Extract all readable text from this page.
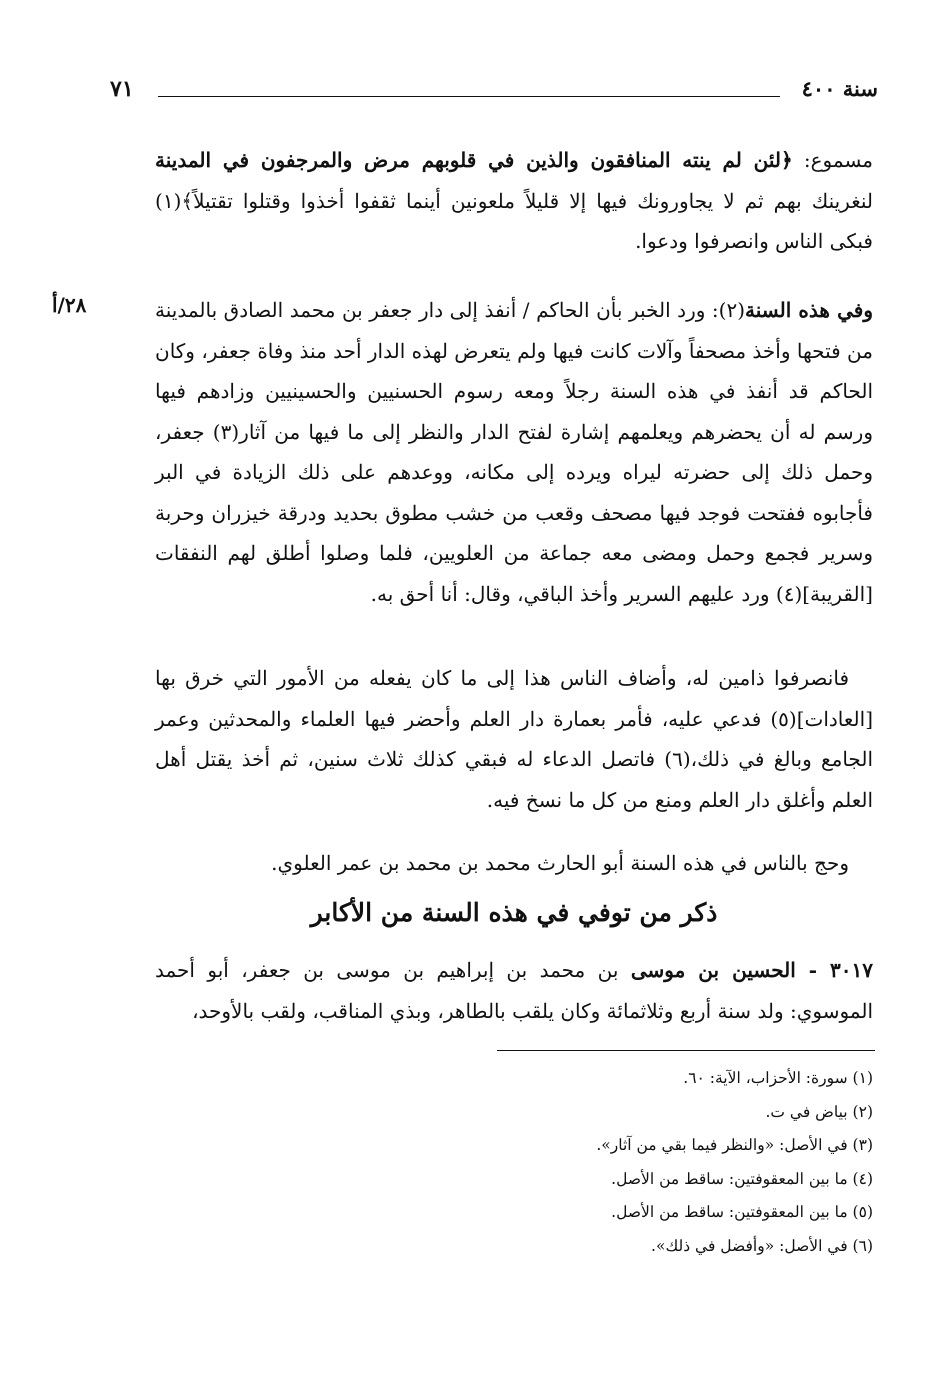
سنة ٤٠٠
٧١
٢٨/أ
مسموع: ﴿لئن لم ينته المنافقون والذين في قلوبهم مرض والمرجفون في المدينة لنغرينك بهم ثم لا يجاورونك فيها إلا قليلاً ملعونين أينما ثقفوا أخذوا وقتلوا تقتيلاً﴾(١) فبكى الناس وانصرفوا ودعوا.
وفي هذه السنة(٢): ورد الخبر بأن الحاكم / أنفذ إلى دار جعفر بن محمد الصادق بالمدينة من فتحها وأخذ مصحفاً وآلات كانت فيها ولم يتعرض لهذه الدار أحد منذ وفاة جعفر، وكان الحاكم قد أنفذ في هذه السنة رجلاً ومعه رسوم الحسنيين والحسينيين وزادهم فيها ورسم له أن يحضرهم ويعلمهم إشارة لفتح الدار والنظر إلى ما فيها من آثار(٣) جعفر، وحمل ذلك إلى حضرته ليراه ويرده إلى مكانه، ووعدهم على ذلك الزيادة في البر فأجابوه ففتحت فوجد فيها مصحف وقعب من خشب مطوق بحديد ودرقة خيزران وحربة وسرير فجمع وحمل ومضى معه جماعة من العلويين، فلما وصلوا أطلق لهم النفقات [القريبة](٤) ورد عليهم السرير وأخذ الباقي، وقال: أنا أحق به.
فانصرفوا ذامين له، وأضاف الناس هذا إلى ما كان يفعله من الأمور التي خرق بها [العادات](٥) فدعي عليه، فأمر بعمارة دار العلم وأحضر فيها العلماء والمحدثين وعمر الجامع وبالغ في ذلك،(٦) فاتصل الدعاء له فبقي كذلك ثلاث سنين، ثم أخذ يقتل أهل العلم وأغلق دار العلم ومنع من كل ما نسخ فيه.
وحج بالناس في هذه السنة أبو الحارث محمد بن محمد بن عمر العلوي.
ذكر من توفي في هذه السنة من الأكابر
٣٠١٧ - الحسين بن موسى بن محمد بن إبراهيم بن موسى بن جعفر، أبو أحمد الموسوي: ولد سنة أربع وثلاثمائة وكان يلقب بالطاهر، وبذي المناقب، ولقب بالأوحد،
(١) سورة: الأحزاب، الآية: ٦٠.
(٢) بياض في ت.
(٣) في الأصل: «والنظر فيما بقي من آثار».
(٤) ما بين المعقوفتين: ساقط من الأصل.
(٥) ما بين المعقوفتين: ساقط من الأصل.
(٦) في الأصل: «وأفضل في ذلك».
